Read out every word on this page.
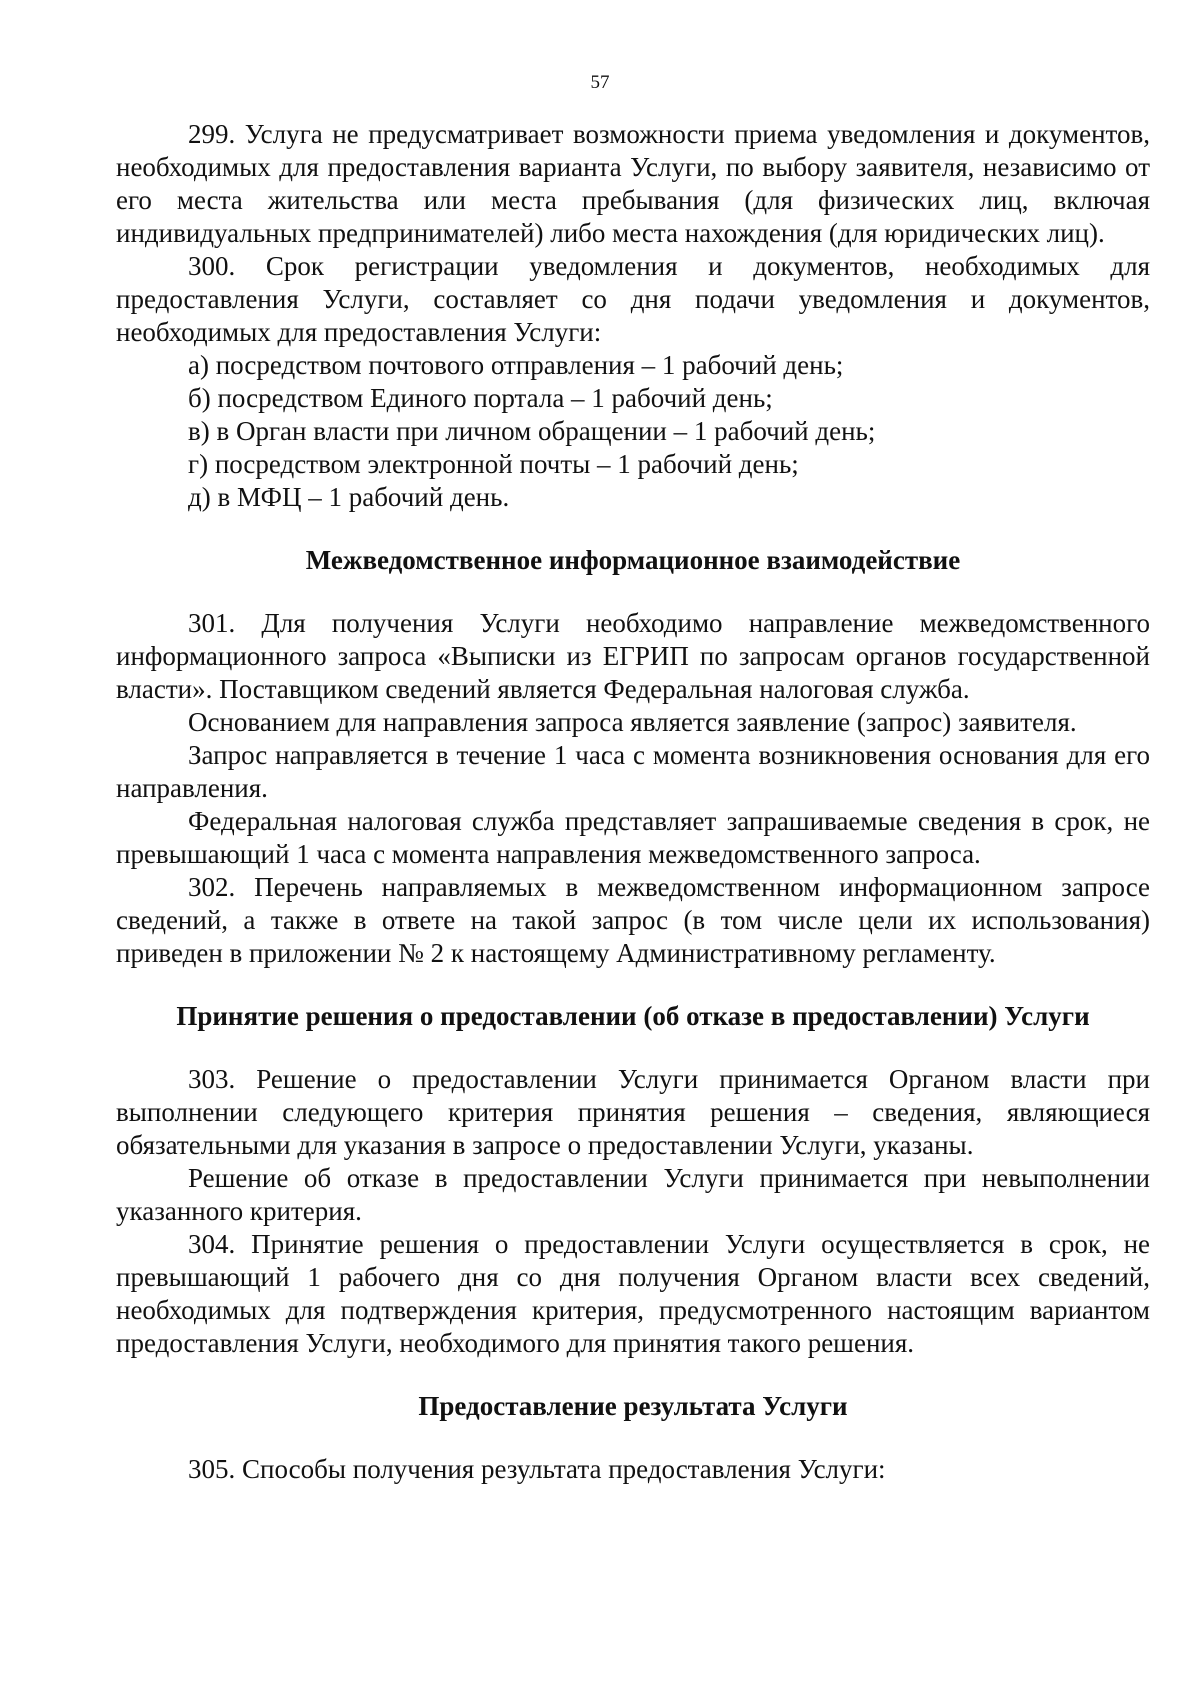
57

299. Услуга не предусматривает возможности приема уведомления и документов, необходимых для предоставления варианта Услуги, по выбору заявителя, независимо от его места жительства или места пребывания (для физических лиц, включая индивидуальных предпринимателей) либо места нахождения (для юридических лиц).

300. Срок регистрации уведомления и документов, необходимых для предоставления Услуги, составляет со дня подачи уведомления и документов, необходимых для предоставления Услуги:

а) посредством почтового отправления – 1 рабочий день;

б) посредством Единого портала – 1 рабочий день;

в) в Орган власти при личном обращении – 1 рабочий день;

г) посредством электронной почты – 1 рабочий день;

д) в МФЦ – 1 рабочий день.

Межведомственное информационное взаимодействие

301. Для получения Услуги необходимо направление межведомственного информационного запроса «Выписки из ЕГРИП по запросам органов государственной власти». Поставщиком сведений является Федеральная налоговая служба.

Основанием для направления запроса является заявление (запрос) заявителя.

Запрос направляется в течение 1 часа с момента возникновения основания для его направления.

Федеральная налоговая служба представляет запрашиваемые сведения в срок, не превышающий 1 часа с момента направления межведомственного запроса.

302. Перечень направляемых в межведомственном информационном запросе сведений, а также в ответе на такой запрос (в том числе цели их использования) приведен в приложении № 2 к настоящему Административному регламенту.

Принятие решения о предоставлении (об отказе в предоставлении) Услуги

303. Решение о предоставлении Услуги принимается Органом власти при выполнении следующего критерия принятия решения – сведения, являющиеся обязательными для указания в запросе о предоставлении Услуги, указаны.

Решение об отказе в предоставлении Услуги принимается при невыполнении указанного критерия.

304. Принятие решения о предоставлении Услуги осуществляется в срок, не превышающий 1 рабочего дня со дня получения Органом власти всех сведений, необходимых для подтверждения критерия, предусмотренного настоящим вариантом предоставления Услуги, необходимого для принятия такого решения.

Предоставление результата Услуги

305. Способы получения результата предоставления Услуги:
